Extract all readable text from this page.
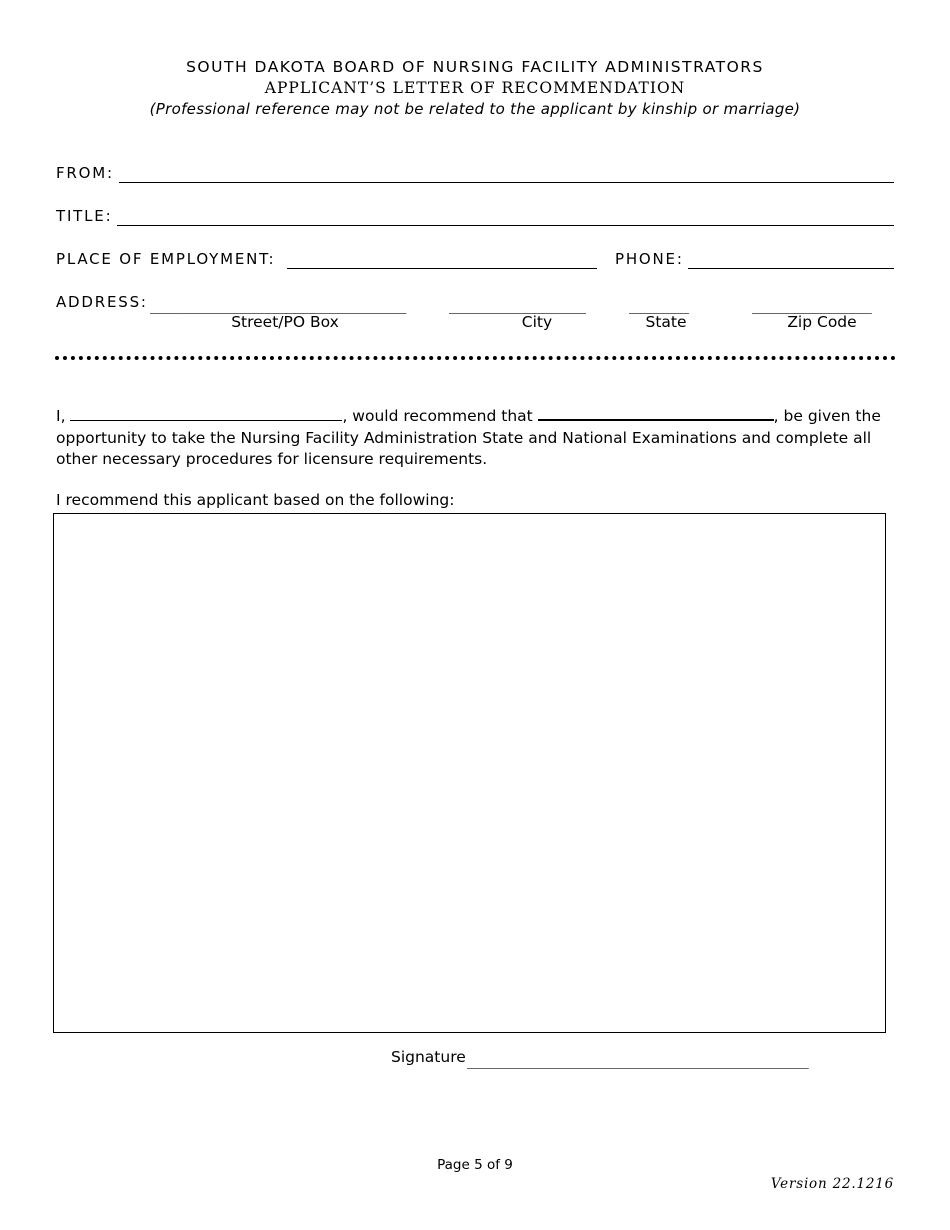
SOUTH DAKOTA BOARD OF NURSING FACILITY ADMINISTRATORS
APPLICANT’S LETTER OF RECOMMENDATION
(Professional reference may not be related to the applicant by kinship or marriage)
FROM:
TITLE:
PLACE OF EMPLOYMENT:	PHONE:
ADDRESS: ______________________________	________________	_______	______________
Street/PO Box	City	State	Zip Code
I,	, would recommend that	, be given the opportunity to take the Nursing Facility Administration State and National Examinations and complete all other necessary procedures for licensure requirements.
I recommend this applicant based on the following:
Signature ________________________________________
Page 5 of 9
Version 22.1216
